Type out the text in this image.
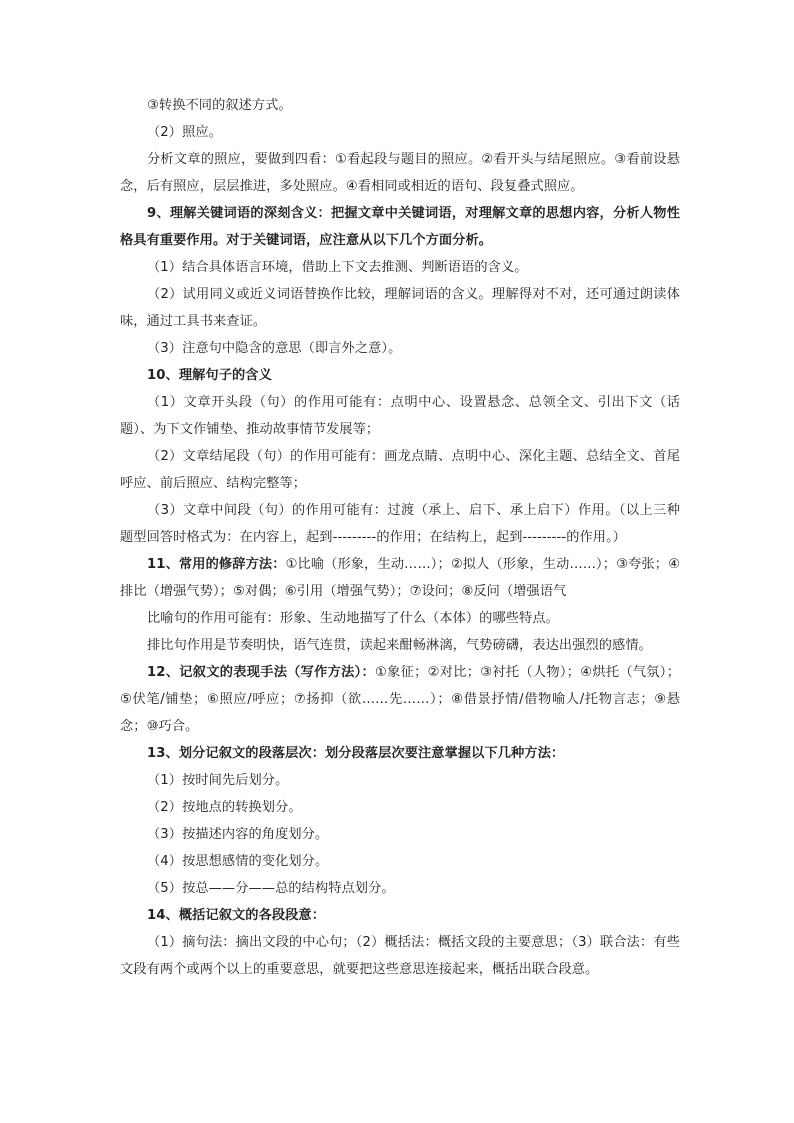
③转换不同的叙述方式。

（2）照应。

分析文章的照应，要做到四看：①看起段与题目的照应。②看开头与结尾照应。③看前设悬念，后有照应，层层推进，多处照应。④看相同或相近的语句、段复叠式照应。

9、理解关键词语的深刻含义：把握文章中关键词语，对理解文章的思想内容，分析人物性格具有重要作用。对于关键词语，应注意从以下几个方面分析。

（1）结合具体语言环境，借助上下文去推测、判断语语的含义。

（2）试用同义或近义词语替换作比较，理解词语的含义。理解得对不对，还可通过朗读体味，通过工具书来查证。

（3）注意句中隐含的意思（即言外之意）。

10、理解句子的含义

（1）文章开头段（句）的作用可能有：点明中心、设置悬念、总领全文、引出下文（话题）、为下文作铺垫、推动故事情节发展等；

（2）文章结尾段（句）的作用可能有：画龙点睛、点明中心、深化主题、总结全文、首尾呼应、前后照应、结构完整等；

（3）文章中间段（句）的作用可能有：过渡（承上、启下、承上启下）作用。（以上三种题型回答时格式为：在内容上，起到---------的作用；在结构上，起到---------的作用。）

11、常用的修辞方法：①比喻（形象，生动……）；②拟人（形象，生动……）；③夸张；④排比（增强气势）；⑤对偶；⑥引用（增强气势）；⑦设问；⑧反问（增强语气

比喻句的作用可能有：形象、生动地描写了什么（本体）的哪些特点。

排比句作用是节奏明快，语气连贯，读起来酣畅淋漓，气势磅礴，表达出强烈的感情。

12、记叙文的表现手法（写作方法）：①象征；②对比；③衬托（人物）；④烘托（气氛）；⑤伏笔/铺垫；⑥照应/呼应；⑦扬抑（欲……先……）；⑧借景抒情/借物喻人/托物言志；⑨悬念；⑩巧合。

13、划分记叙文的段落层次：划分段落层次要注意掌握以下几种方法：

（1）按时间先后划分。

（2）按地点的转换划分。

（3）按描述内容的角度划分。

（4）按思想感情的变化划分。

（5）按总——分——总的结构特点划分。

14、概括记叙文的各段段意：

（1）摘句法：摘出文段的中心句；（2）概括法：概括文段的主要意思；（3）联合法：有些文段有两个或两个以上的重要意思，就要把这些意思连接起来，概括出联合段意。
